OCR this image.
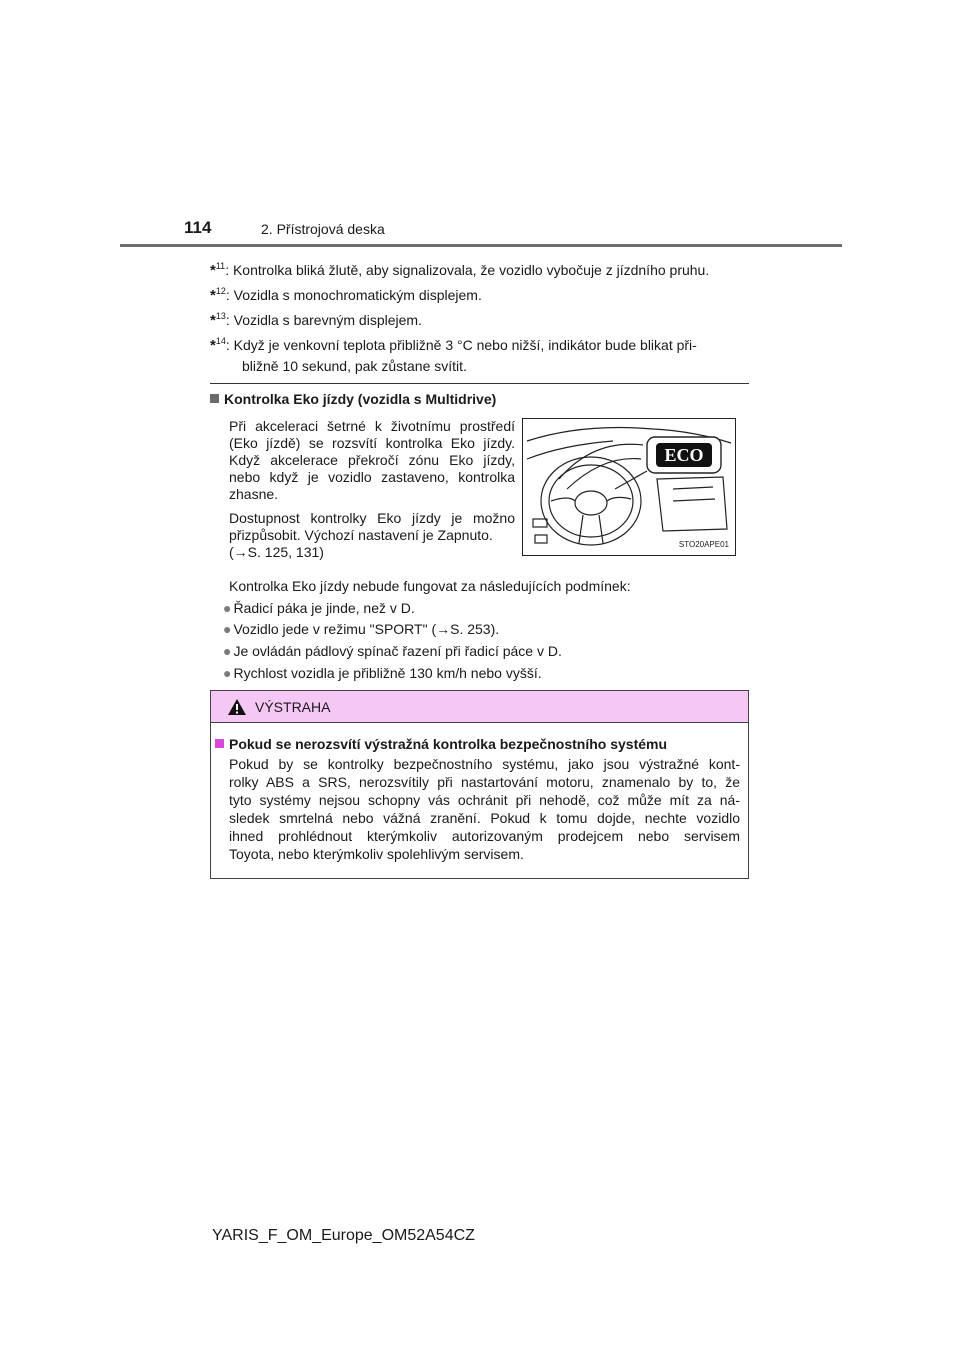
114	2. Přístrojová deska
*$^{11}$: Kontrolka bliká žlutě, aby signalizovala, že vozidlo vybočuje z jízdního pruhu.
*$^{12}$: Vozidla s monochromatickým displejem.
*$^{13}$: Vozidla s barevným displejem.
*$^{14}$: Když je venkovní teplota přibližně 3 °C nebo nižší, indikátor bude blikat při-
bližně 10 sekund, pak zůstane svítit.
Kontrolka Eko jízdy (vozidla s Multidrive)
Při akceleraci šetrné k životnímu prostředí
(Eko jízdě) se rozsvítí kontrolka Eko jízdy.
Když akcelerace překročí zónu Eko jízdy,
nebo když je vozidlo zastaveno, kontrolka
zhasne.
Dostupnost kontrolky Eko jízdy je možno
přizpůsobit. Výchozí nastavení je Zapnuto.
(→S. 125, 131)
ECO
STO20APE01
Kontrolka Eko jízdy nebude fungovat za následujících podmínek:
● Řadicí páka je jinde, než v D.
● Vozidlo jede v režimu "SPORT" (→S. 253).
● Je ovládán pádlový spínač řazení při řadicí páce v D.
● Rychlost vozidla je přibližně 130 km/h nebo vyšší.
VÝSTRAHA
Pokud se nerozsvítí výstražná kontrolka bezpečnostního systému
Pokud by se kontrolky bezpečnostního systému, jako jsou výstražné kont-
rolky ABS a SRS, nerozsvítily při nastartování motoru, znamenalo by to, že
tyto systémy nejsou schopny vás ochránit při nehodě, což může mít za ná-
sledek smrtelná nebo vážná zranění. Pokud k tomu dojde, nechte vozidlo
ihned prohlédnout kterýmkoliv autorizovaným prodejcem nebo servisem
Toyota, nebo kterýmkoliv spolehlivým servisem.
YARIS_F_OM_Europe_OM52A54CZ
